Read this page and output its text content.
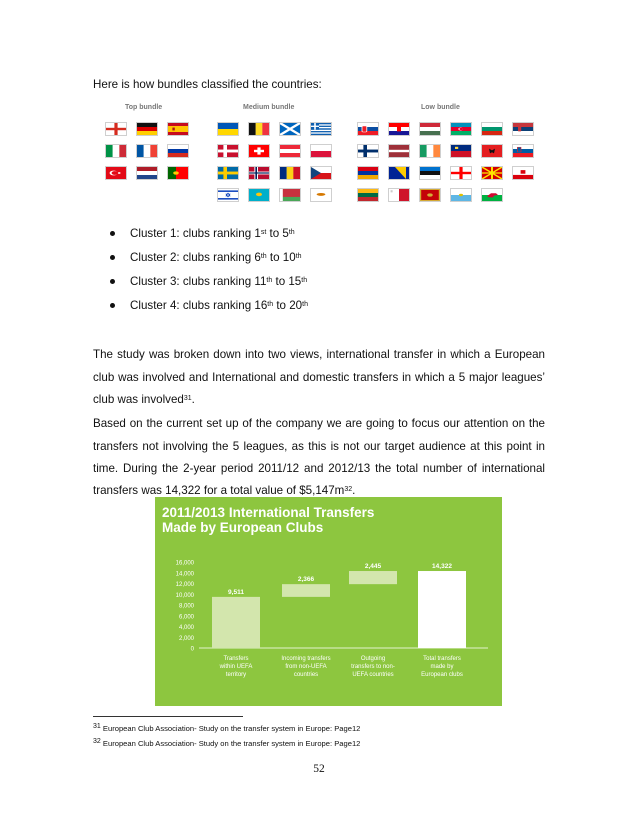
Here is how bundles classified the countries:
Top bundle	Medium bundle	Low bundle
Cluster 1: clubs ranking 1st to 5th
Cluster 2: clubs ranking 6th to 10th
Cluster 3: clubs ranking 11th to 15th
Cluster 4: clubs ranking 16th to 20th
The study was broken down into two views, international transfer in which a European
club was involved and International and domestic transfers in which a 5 major leagues’
club was involved$^{31}$.
Based on the current set up of the company we are going to focus our attention on the
transfers not involving the 5 leagues, as this is not our target audience at this point in
time. During the 2-year period 2011/12 and 2012/13 the total number of international
transfers was 14,322 for a total value of $\$5,147m^{32}$.
2011/2013 International Transfers
Made by European Clubs
16,000
14,000
12,000
10,000
8,000
6,000
4,000
2,000
0
9,511
Transfers
within UEFA
territory
2,366
Incoming transfers
from non-UEFA
countries
2,445
Outgoing
transfers to non-
UEFA countries
14,322
Total transfers
made by
European clubs
$^{31}$ European Club Association- Study on the transfer system in Europe: Page12
$^{32}$ European Club Association- Study on the transfer system in Europe: Page12
52
